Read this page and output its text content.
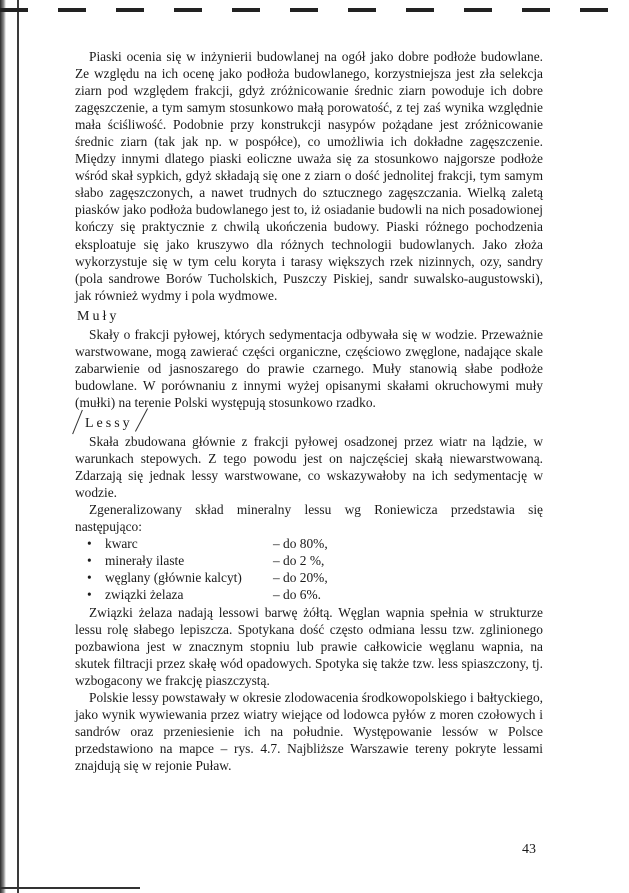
Piaski ocenia się w inżynierii budowlanej na ogół jako dobre podłoże budowlane. Ze względu na ich ocenę jako podłoża budowlanego, korzystniejsza jest zła selekcja ziarn pod względem frakcji, gdyż zróżnicowanie średnic ziarn powoduje ich dobre zagęszczenie, a tym samym stosunkowo małą porowatość, z tej zaś wynika względnie mała ściśliwość. Podobnie przy konstrukcji nasypów pożądane jest zróżnicowanie średnic ziarn (tak jak np. w pospółce), co umożliwia ich dokładne zagęszczenie. Między innymi dlatego piaski eoliczne uważa się za stosunkowo najgorsze podłoże wśród skał sypkich, gdyż składają się one z ziarn o dość jednolitej frakcji, tym samym słabo zagęszczonych, a nawet trudnych do sztucznego zagęszczania. Wielką zaletą piasków jako podłoża budowlanego jest to, iż osiadanie budowli na nich posadowionej kończy się praktycznie z chwilą ukończenia budowy. Piaski różnego pochodzenia eksploatuje się jako kruszywo dla różnych technologii budowlanych. Jako złoża wykorzystuje się w tym celu koryta i tarasy większych rzek nizinnych, ozy, sandry (pola sandrowe Borów Tucholskich, Puszczy Piskiej, sandr suwalsko-augustowski), jak również wydmy i pola wydmowe.

Muły

Skały o frakcji pyłowej, których sedymentacja odbywała się w wodzie. Przeważnie warstwowane, mogą zawierać części organiczne, częściowo zwęglone, nadające skale zabarwienie od jasnoszarego do prawie czarnego. Muły stanowią słabe podłoże budowlane. W porównaniu z innymi wyżej opisanymi skałami okruchowymi muły (mułki) na terenie Polski występują stosunkowo rzadko.

Lessy

Skała zbudowana głównie z frakcji pyłowej osadzonej przez wiatr na lądzie, w warunkach stepowych. Z tego powodu jest on najczęściej skałą niewarstwowaną. Zdarzają się jednak lessy warstwowane, co wskazywałoby na ich sedymentację w wodzie.

Zgeneralizowany skład mineralny lessu wg Roniewicza przedstawia się następująco:

• kwarc	– do 80%,
• minerały ilaste	– do 2 %,
• węglany (głównie kalcyt)	– do 20%,
• związki żelaza	– do 6%.

Związki żelaza nadają lessowi barwę żółtą. Węglan wapnia spełnia w strukturze lessu rolę słabego lepiszcza. Spotykana dość często odmiana lessu tzw. zglinionego pozbawiona jest w znacznym stopniu lub prawie całkowicie węglanu wapnia, na skutek filtracji przez skałę wód opadowych. Spotyka się także tzw. less spiaszczony, tj. wzbogacony we frakcję piaszczystą.

Polskie lessy powstawały w okresie zlodowacenia środkowopolskiego i bałtyckiego, jako wynik wywiewania przez wiatry wiejące od lodowca pyłów z moren czołowych i sandrów oraz przeniesienie ich na południe. Występowanie lessów w Polsce przedstawiono na mapce – rys. 4.7. Najbliższe Warszawie tereny pokryte lessami znajdują się w rejonie Puław.

43
